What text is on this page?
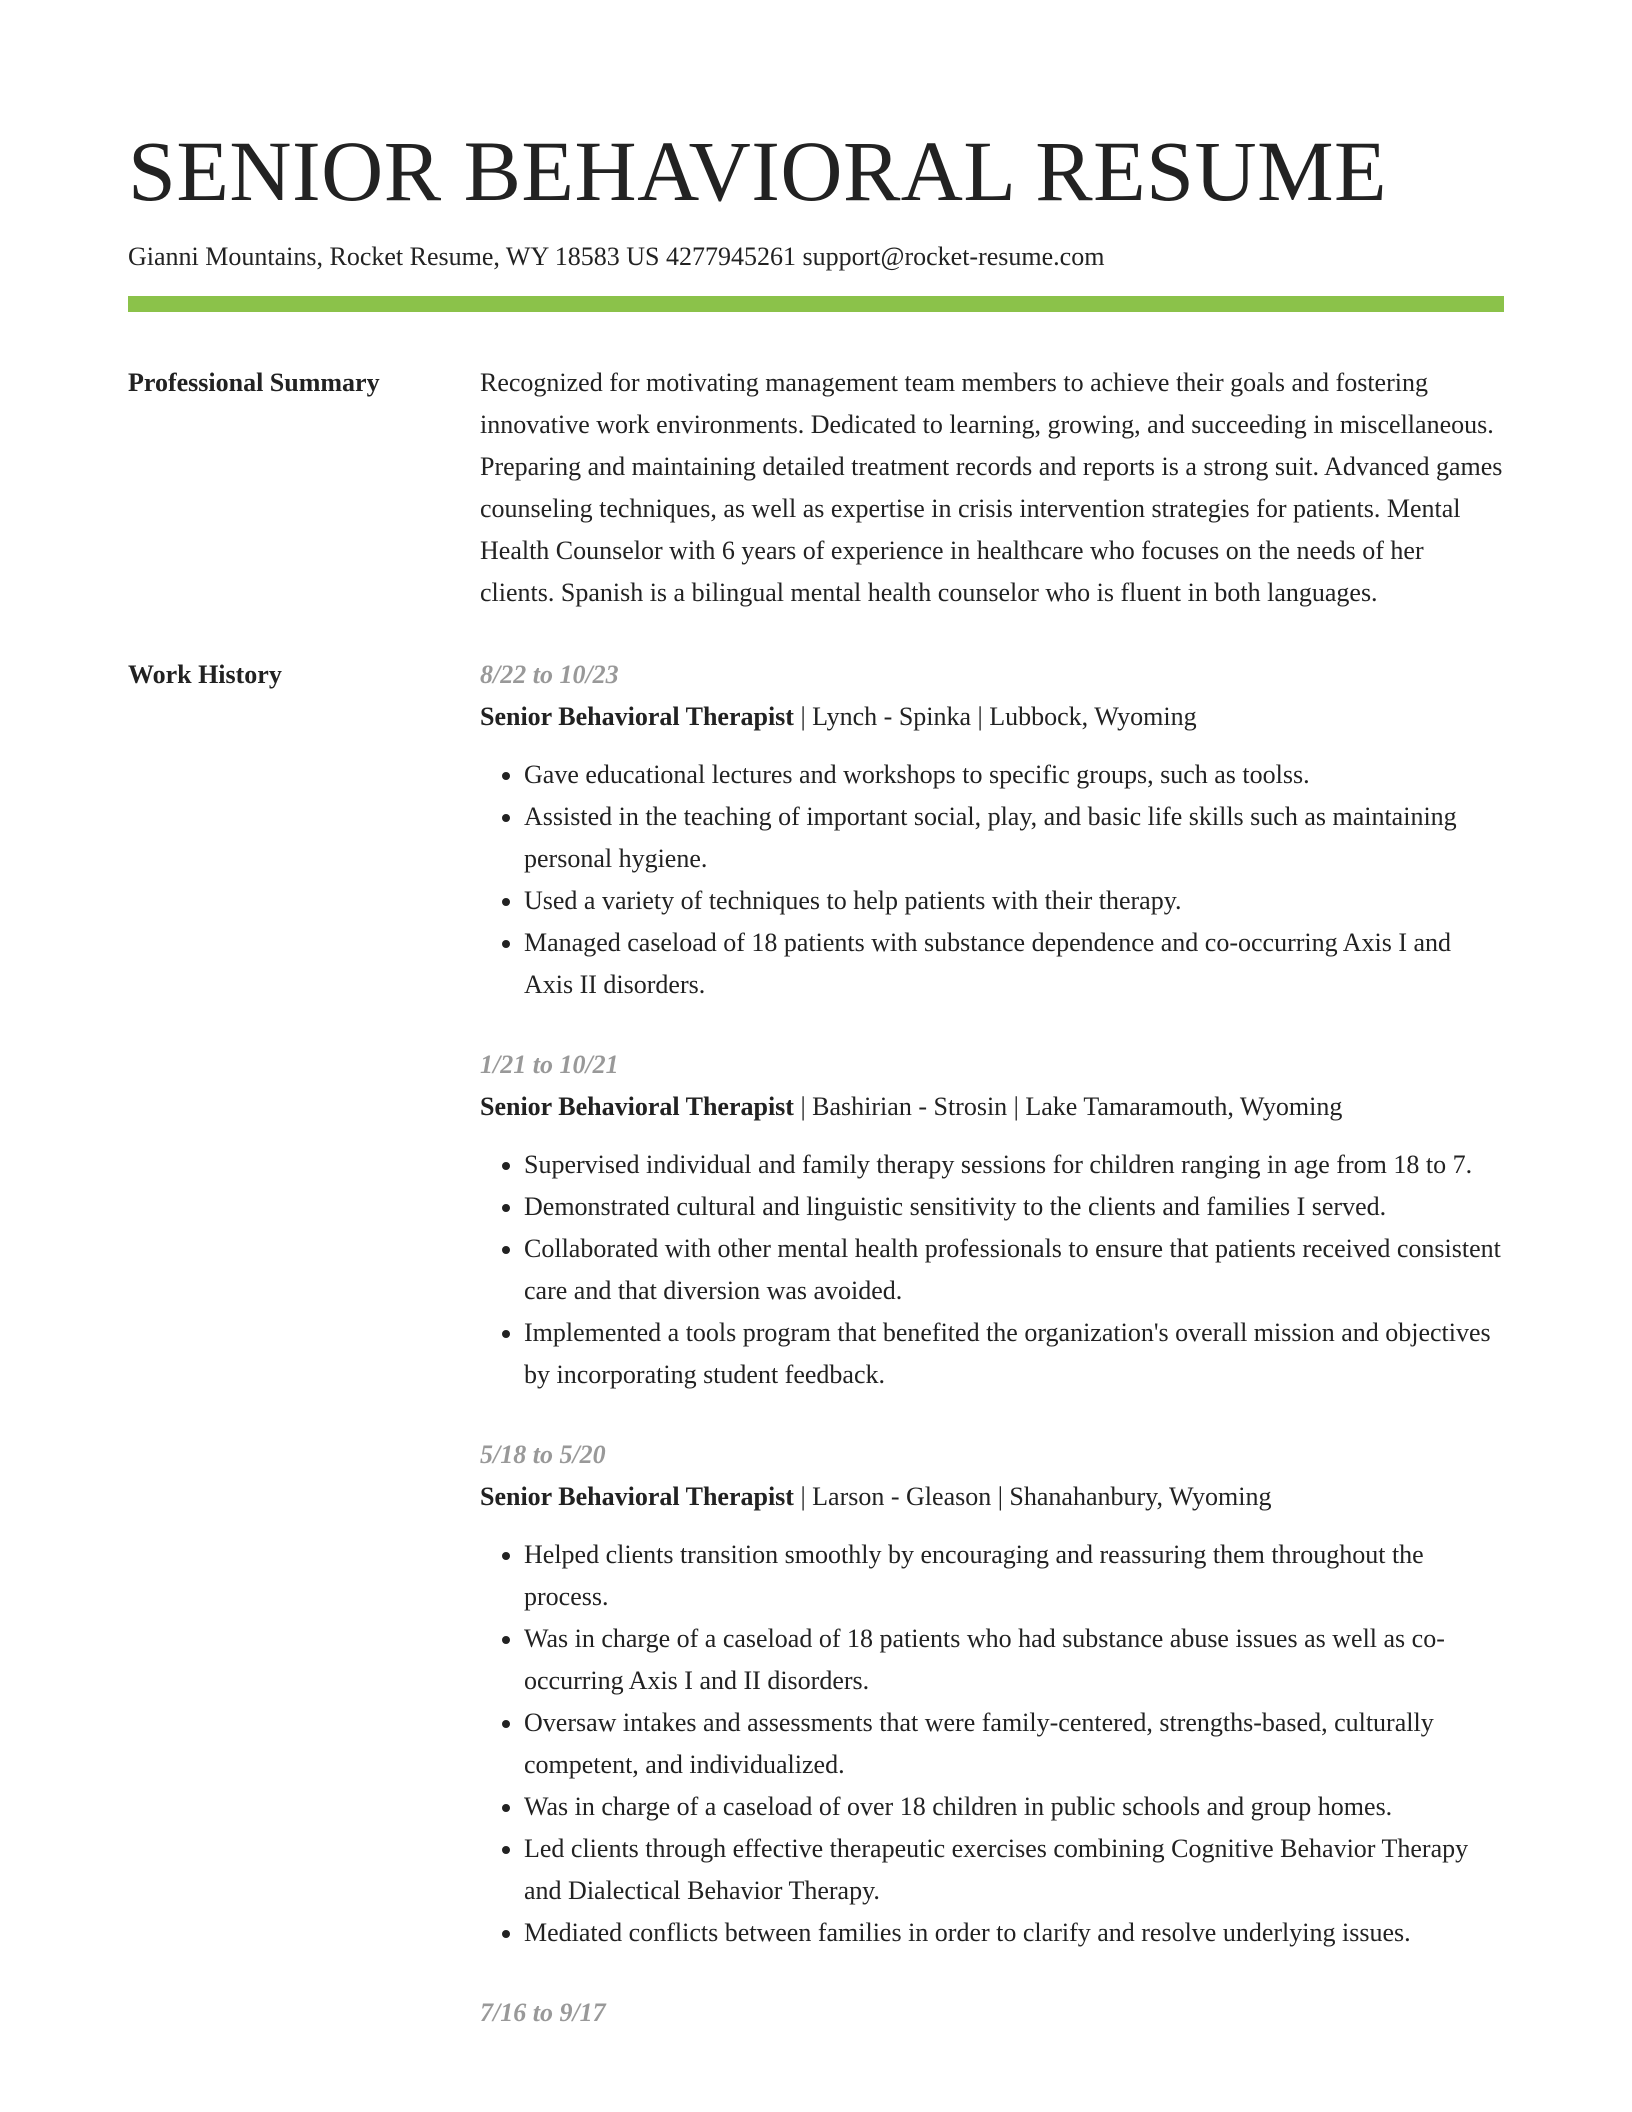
SENIOR BEHAVIORAL RESUME
Gianni Mountains, Rocket Resume, WY 18583 US 4277945261 support@rocket-resume.com
Professional Summary	Recognized for motivating management team members to achieve their goals and fostering innovative work environments. Dedicated to learning, growing, and succeeding in miscellaneous. Preparing and maintaining detailed treatment records and reports is a strong suit. Advanced games counseling techniques, as well as expertise in crisis intervention strategies for patients. Mental Health Counselor with 6 years of experience in healthcare who focuses on the needs of her clients. Spanish is a bilingual mental health counselor who is fluent in both languages.

Work History	8/22 to 10/23
Senior Behavioral Therapist | Lynch - Spinka | Lubbock, Wyoming
• Gave educational lectures and workshops to specific groups, such as toolss.
• Assisted in the teaching of important social, play, and basic life skills such as maintaining personal hygiene.
• Used a variety of techniques to help patients with their therapy.
• Managed caseload of 18 patients with substance dependence and co-occurring Axis I and Axis II disorders.
1/21 to 10/21
Senior Behavioral Therapist | Bashirian - Strosin | Lake Tamaramouth, Wyoming
• Supervised individual and family therapy sessions for children ranging in age from 18 to 7.
• Demonstrated cultural and linguistic sensitivity to the clients and families I served.
• Collaborated with other mental health professionals to ensure that patients received consistent care and that diversion was avoided.
• Implemented a tools program that benefited the organization's overall mission and objectives by incorporating student feedback.
5/18 to 5/20
Senior Behavioral Therapist | Larson - Gleason | Shanahanbury, Wyoming
• Helped clients transition smoothly by encouraging and reassuring them throughout the process.
• Was in charge of a caseload of 18 patients who had substance abuse issues as well as co-occurring Axis I and II disorders.
• Oversaw intakes and assessments that were family-centered, strengths-based, culturally competent, and individualized.
• Was in charge of a caseload of over 18 children in public schools and group homes.
• Led clients through effective therapeutic exercises combining Cognitive Behavior Therapy and Dialectical Behavior Therapy.
• Mediated conflicts between families in order to clarify and resolve underlying issues.
7/16 to 9/17
